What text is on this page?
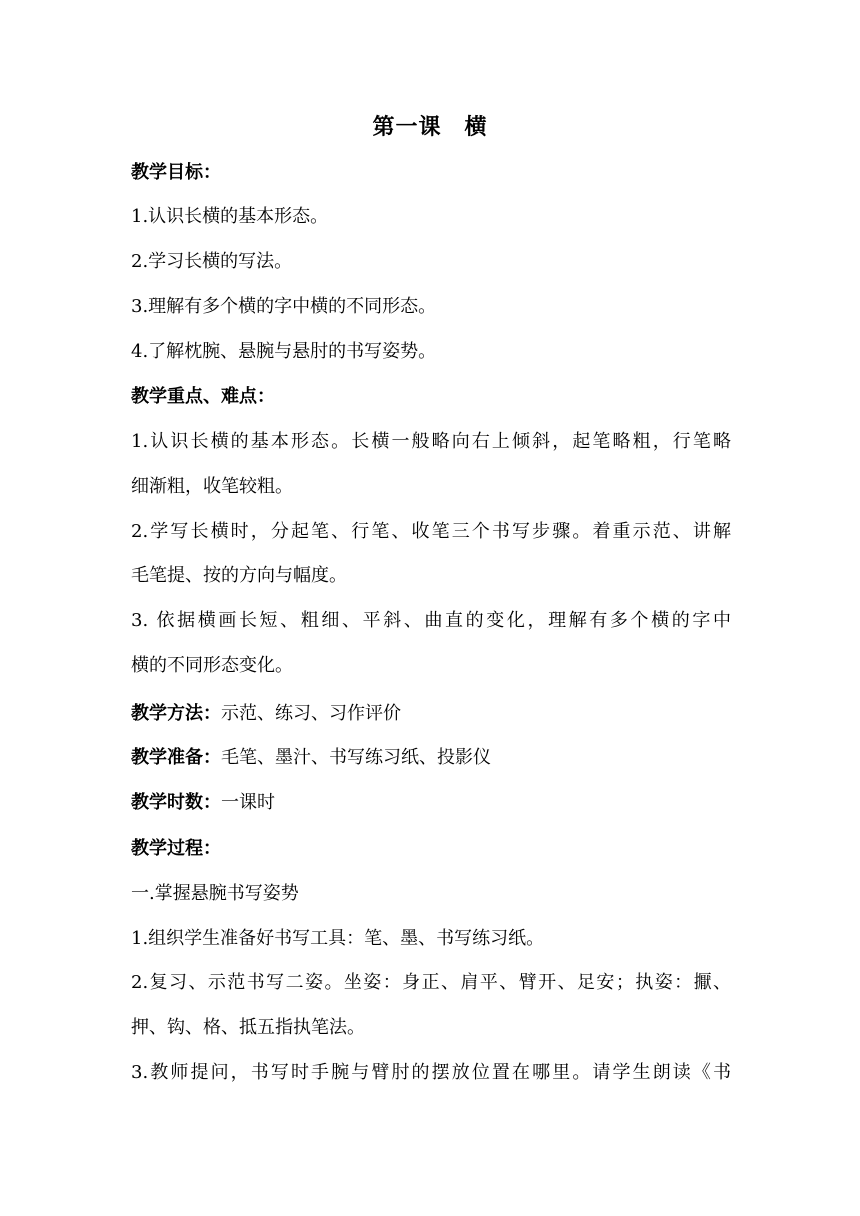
第一课　横
教学目标：
1.认识长横的基本形态。
2.学习长横的写法。
3.理解有多个横的字中横的不同形态。
4.了解枕腕、悬腕与悬肘的书写姿势。
教学重点、难点：
1.认识长横的基本形态。长横一般略向右上倾斜，起笔略粗，行笔略
细渐粗，收笔较粗。
2.学写长横时，分起笔、行笔、收笔三个书写步骤。着重示范、讲解
毛笔提、按的方向与幅度。
3. 依据横画长短、粗细、平斜、曲直的变化，理解有多个横的字中
横的不同形态变化。
教学方法：示范、练习、习作评价
教学准备：毛笔、墨汁、书写练习纸、投影仪
教学时数：一课时
教学过程：
一.掌握悬腕书写姿势
1.组织学生准备好书写工具：笔、墨、书写练习纸。
2.复习、示范书写二姿。坐姿：身正、肩平、臂开、足安；执姿：擫、
押、钩、格、抵五指执笔法。
3.教师提问，书写时手腕与臂肘的摆放位置在哪里。请学生朗读《书
